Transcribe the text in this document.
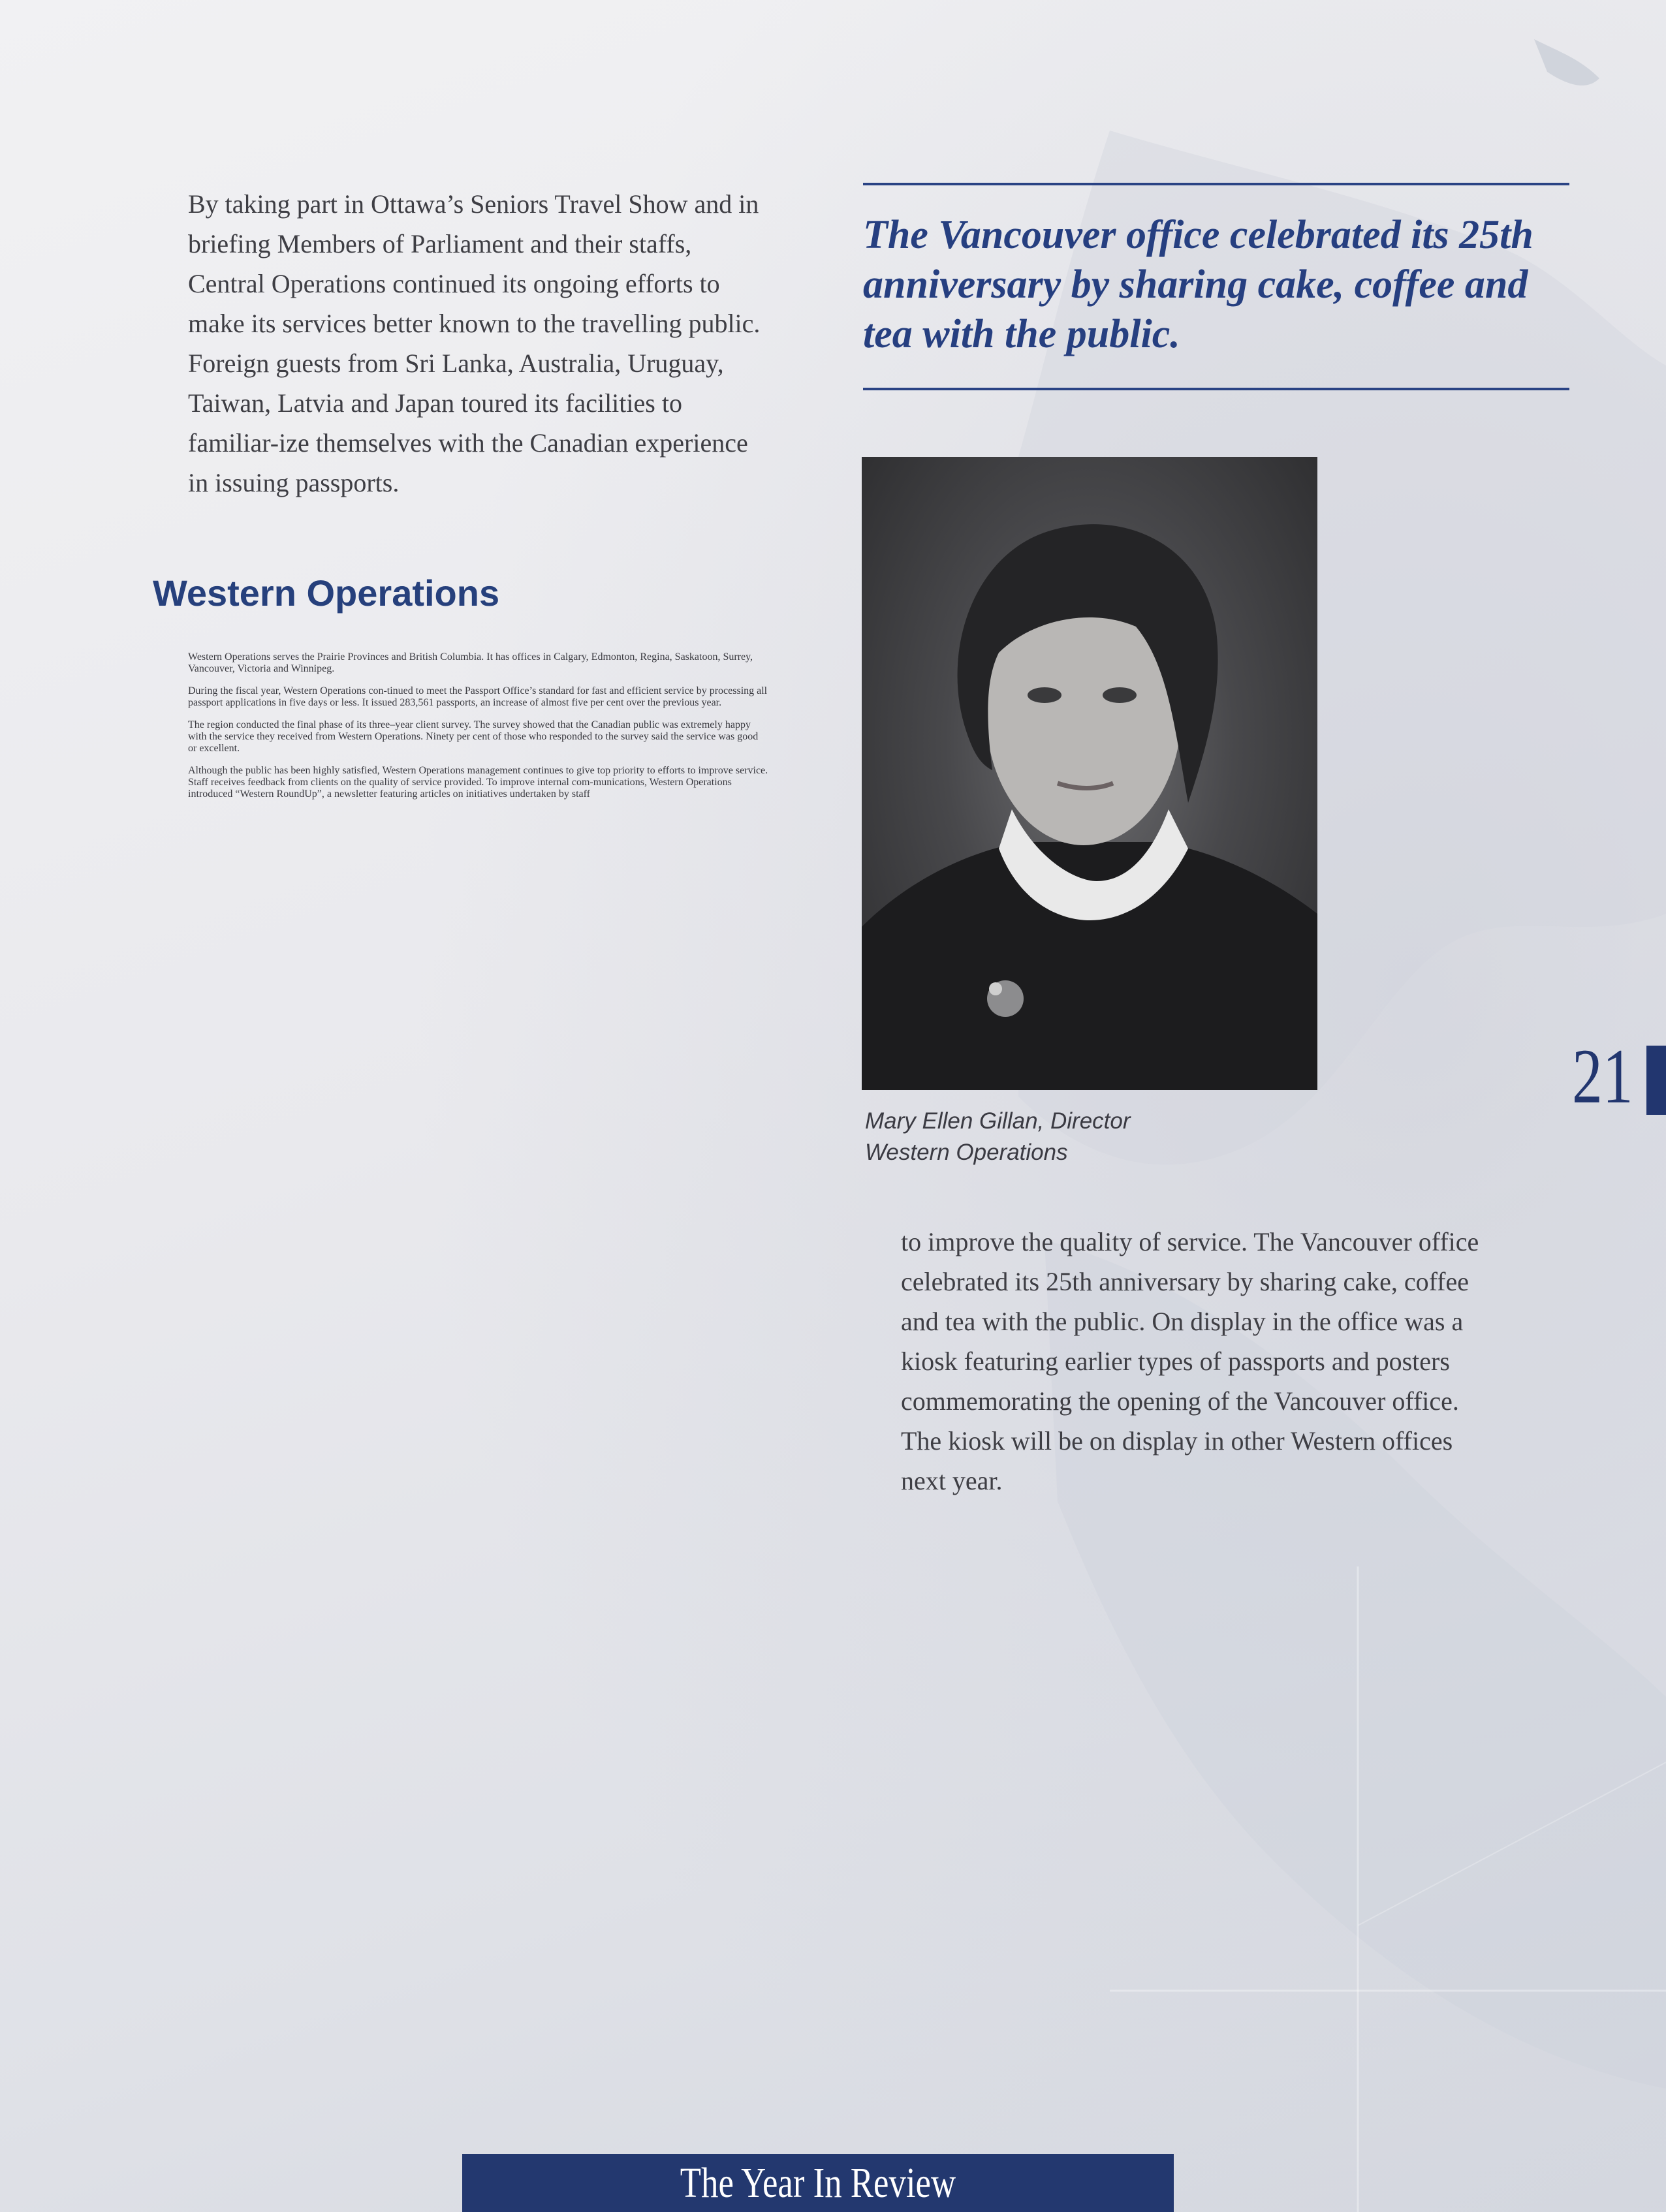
By taking part in Ottawa’s Seniors Travel Show and in briefing Members of Parliament and their staffs, Central Operations continued its ongoing efforts to make its services better known to the travelling public. Foreign guests from Sri Lanka, Australia, Uruguay, Taiwan, Latvia and Japan toured its facilities to familiar-ize themselves with the Canadian experience in issuing passports.

Western Operations

Western Operations serves the Prairie Provinces and British Columbia. It has offices in Calgary, Edmonton, Regina, Saskatoon, Surrey, Vancouver, Victoria and Winnipeg.

During the fiscal year, Western Operations con-tinued to meet the Passport Office’s standard for fast and efficient service by processing all passport applications in five days or less. It issued 283,561 passports, an increase of almost five per cent over the previous year.

The region conducted the final phase of its three–year client survey. The survey showed that the Canadian public was extremely happy with the service they received from Western Operations. Ninety per cent of those who responded to the survey said the service was good or excellent.

Although the public has been highly satisfied, Western Operations management continues to give top priority to efforts to improve service. Staff receives feedback from clients on the quality of service provided. To improve internal com-munications, Western Operations introduced “Western RoundUp”, a newsletter featuring articles on initiatives undertaken by staff

The Vancouver office celebrated its 25th anniversary by sharing cake, coffee and tea with the public.

Mary Ellen Gillan, Director
Western Operations

to improve the quality of service. The Vancouver office celebrated its 25th anniversary by sharing cake, coffee and tea with the public. On display in the office was a kiosk featuring earlier types of passports and posters commemorating the opening of the Vancouver office. The kiosk will be on display in other Western offices next year.

21
The Year In Review
